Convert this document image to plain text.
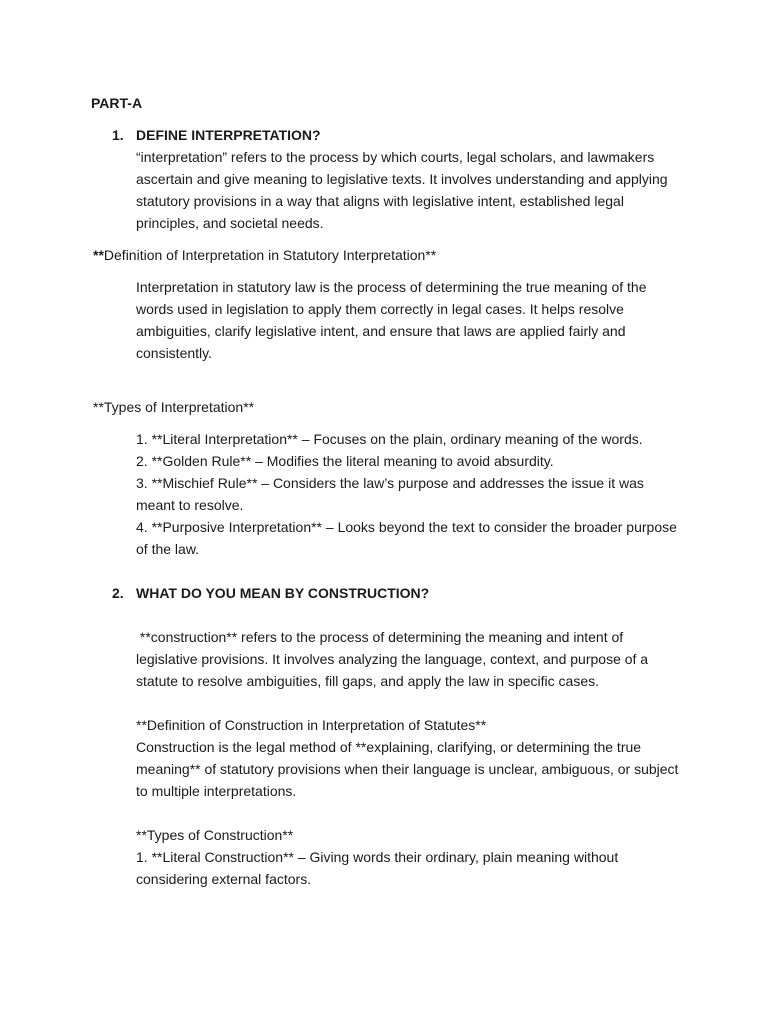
PART-A
1. DEFINE INTERPRETATION?

“interpretation” refers to the process by which courts, legal scholars, and lawmakers ascertain and give meaning to legislative texts. It involves understanding and applying statutory provisions in a way that aligns with legislative intent, established legal principles, and societal needs.

**Definition of Interpretation in Statutory Interpretation**

Interpretation in statutory law is the process of determining the true meaning of the words used in legislation to apply them correctly in legal cases. It helps resolve ambiguities, clarify legislative intent, and ensure that laws are applied fairly and consistently.

**Types of Interpretation**
1. **Literal Interpretation** – Focuses on the plain, ordinary meaning of the words.
2. **Golden Rule** – Modifies the literal meaning to avoid absurdity.
3. **Mischief Rule** – Considers the law’s purpose and addresses the issue it was meant to resolve.
4. **Purposive Interpretation** – Looks beyond the text to consider the broader purpose of the law.
2. WHAT DO YOU MEAN BY CONSTRUCTION?

**construction** refers to the process of determining the meaning and intent of legislative provisions. It involves analyzing the language, context, and purpose of a statute to resolve ambiguities, fill gaps, and apply the law in specific cases.

**Definition of Construction in Interpretation of Statutes**

Construction is the legal method of **explaining, clarifying, or determining the true meaning** of statutory provisions when their language is unclear, ambiguous, or subject to multiple interpretations.

**Types of Construction**
1. **Literal Construction** – Giving words their ordinary, plain meaning without considering external factors.
